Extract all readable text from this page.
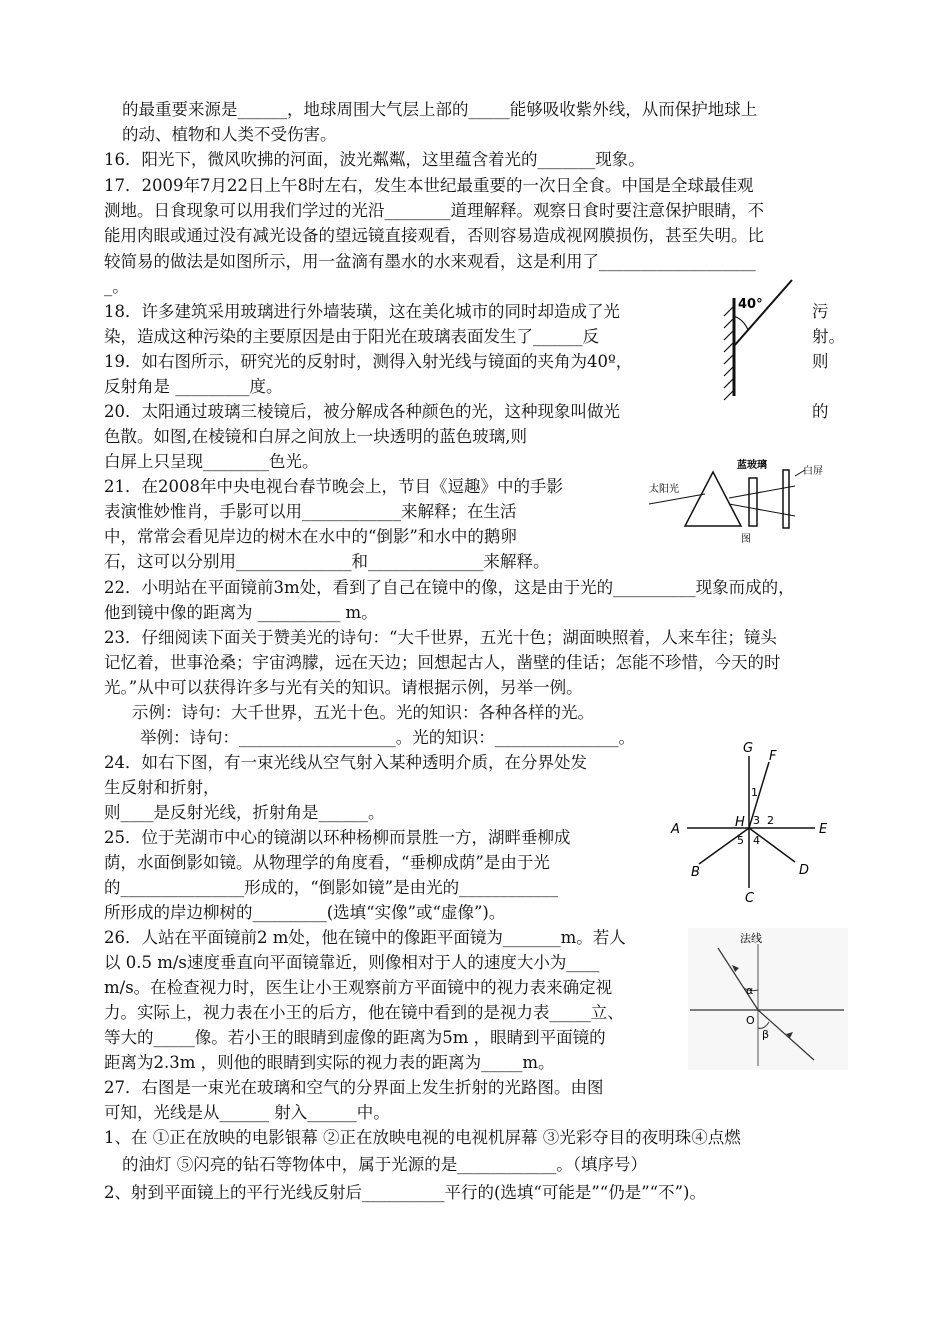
的最重要来源是______，地球周围大气层上部的_____能够吸收紫外线，从而保护地球上
的动、植物和人类不受伤害。
16．阳光下，微风吹拂的河面，波光粼粼，这里蕴含着光的_______现象。
17．2009年7月22日上午8时左右，发生本世纪最重要的一次日全食。中国是全球最佳观
测地。日食现象可以用我们学过的光沿________道理解释。观察日食时要注意保护眼睛，不
能用肉眼或通过没有减光设备的望远镜直接观看，否则容易造成视网膜损伤，甚至失明。比
较简易的做法是如图所示，用一盆滴有墨水的水来观看，这是利用了___________________
_。
18．许多建筑采用玻璃进行外墙装璜，这在美化城市的同时却造成了光
染，造成这种污染的主要原因是由于阳光在玻璃表面发生了______反
19．如右图所示，研究光的反射时，测得入射光线与镜面的夹角为40º，
反射角是 _________度。
20．太阳通过玻璃三棱镜后，被分解成各种颜色的光，这种现象叫做光
色散。如图,在棱镜和白屏之间放上一块透明的蓝色玻璃,则
白屏上只呈现________色光。
21．在2008年中央电视台春节晚会上，节目《逗趣》中的手影
表演惟妙惟肖，手影可以用____________来解释；在生活
中，常常会看见岸边的树木在水中的“倒影”和水中的鹅卵
石，这可以分别用______________和______________来解释。
22．小明站在平面镜前3m处，看到了自己在镜中的像，这是由于光的__________现象而成的，
他到镜中像的距离为 __________ m。
23．仔细阅读下面关于赞美光的诗句：“大千世界，五光十色；湖面映照着，人来车往；镜头
记忆着，世事沧桑；宇宙鸿朦，远在天边；回想起古人，凿壁的佳话；怎能不珍惜，今天的时
光。”从中可以获得许多与光有关的知识。请根据示例，另举一例。
示例：诗句：大千世界，五光十色。光的知识：各种各样的光。
举例：诗句：___________________。光的知识：_______________。
24．如右下图，有一束光线从空气射入某种透明介质，在分界处发
生反射和折射，
则____是反射光线，折射角是______。
25．位于芜湖市中心的镜湖以环种杨柳而景胜一方，湖畔垂柳成
荫，水面倒影如镜。从物理学的角度看，“垂柳成荫”是由于光
的_______________形成的，“倒影如镜”是由光的____________
所形成的岸边柳树的_________(选填“实像”或“虚像”)。
26．人站在平面镜前2 m处，他在镜中的像距平面镜为_______m。若人
以 0.5 m/s速度垂直向平面镜靠近，则像相对于人的速度大小为____
m/s。在检查视力时，医生让小王观察前方平面镜中的视力表来确定视
力。实际上，视力表在小王的后方，他在镜中看到的是视力表_____立、
等大的_____像。若小王的眼睛到虚像的距离为5m ，眼睛到平面镜的
距离为2.3m ，则他的眼睛到实际的视力表的距离为_____m。
27．右图是一束光在玻璃和空气的分界面上发生折射的光路图。由图
可知，光线是从______ 射入______中。
1、在 ①正在放映的电影银幕 ②正在放映电视的电视机屏幕 ③光彩夺目的夜明珠④点燃
的油灯 ⑤闪亮的钻石等物体中，属于光源的是____________。（填序号）
2、射到平面镜上的平行光线反射后__________平行的(选填“可能是”“仍是”“不”)。
污
射。
则
的
40°
太阳光
蓝玻璃
白屏
图
G
F
A	H	E
B
C
D
1
2
3
4
5
法线
α
O
β
